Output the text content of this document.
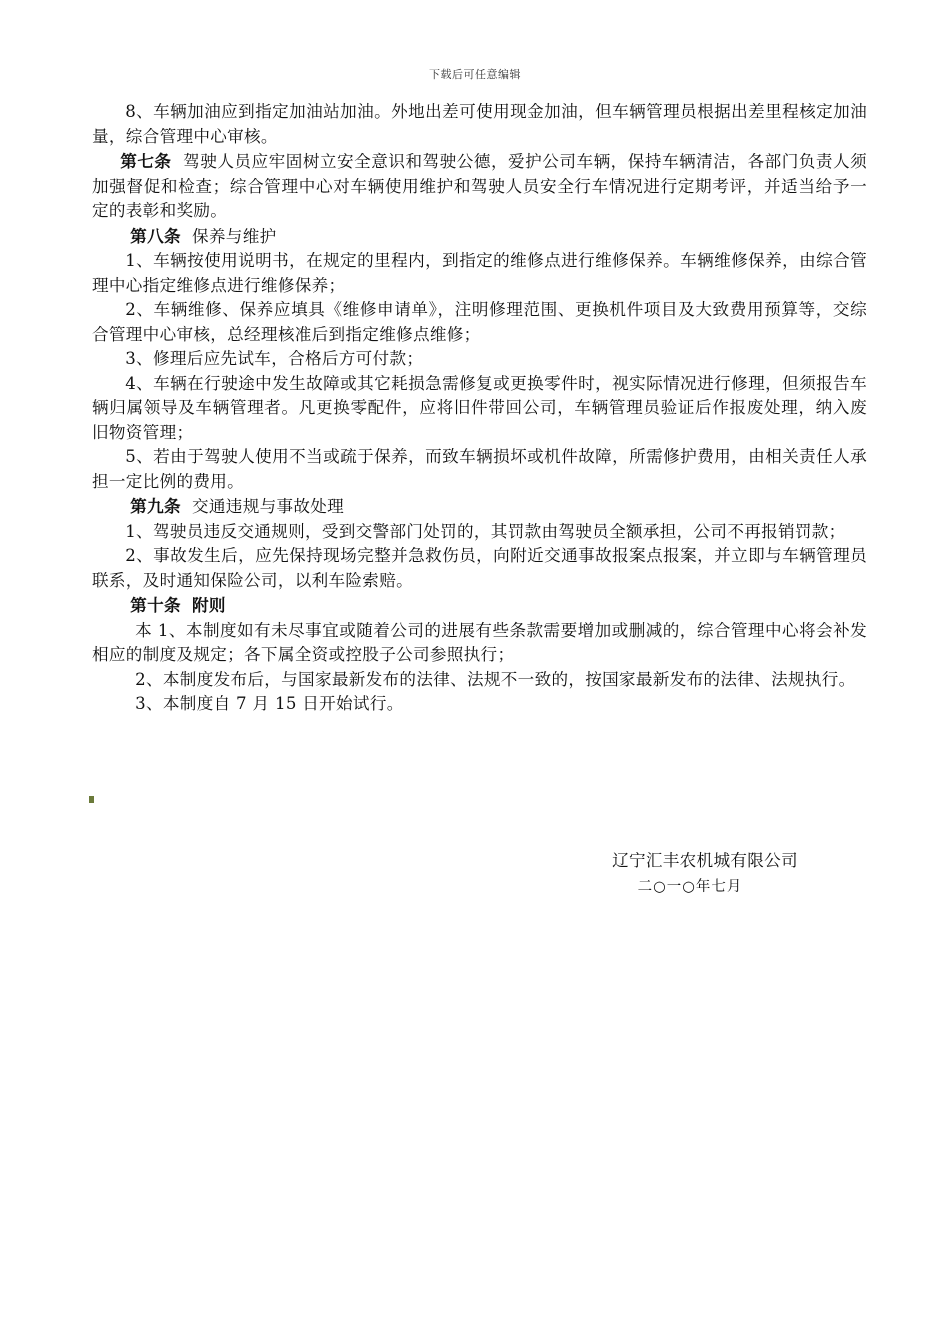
下载后可任意编辑

8、车辆加油应到指定加油站加油。外地出差可使用现金加油，但车辆管理员根据出差里程核定加油量，综合管理中心审核。

第七条 驾驶人员应牢固树立安全意识和驾驶公德，爱护公司车辆，保持车辆清洁，各部门负责人须加强督促和检查；综合管理中心对车辆使用维护和驾驶人员安全行车情况进行定期考评，并适当给予一定的表彰和奖励。

第八条 保养与维护

1、车辆按使用说明书，在规定的里程内，到指定的维修点进行维修保养。车辆维修保养，由综合管理中心指定维修点进行维修保养；

2、车辆维修、保养应填具《维修申请单》，注明修理范围、更换机件项目及大致费用预算等，交综合管理中心审核，总经理核准后到指定维修点维修；

3、修理后应先试车，合格后方可付款；

4、车辆在行驶途中发生故障或其它耗损急需修复或更换零件时，视实际情况进行修理，但须报告车辆归属领导及车辆管理者。凡更换零配件，应将旧件带回公司，车辆管理员验证后作报废处理，纳入废旧物资管理；

5、若由于驾驶人使用不当或疏于保养，而致车辆损坏或机件故障，所需修护费用，由相关责任人承担一定比例的费用。

第九条 交通违规与事故处理

1、驾驶员违反交通规则，受到交警部门处罚的，其罚款由驾驶员全额承担，公司不再报销罚款；

2、事故发生后，应先保持现场完整并急救伤员，向附近交通事故报案点报案，并立即与车辆管理员联系，及时通知保险公司，以利车险索赔。

第十条 附则

本 1、本制度如有未尽事宜或随着公司的进展有些条款需要增加或删减的，综合管理中心将会补发相应的制度及规定；各下属全资或控股子公司参照执行；

2、本制度发布后，与国家最新发布的法律、法规不一致的，按国家最新发布的法律、法规执行。

3、本制度自 7 月 15 日开始试行。

辽宁汇丰农机城有限公司
二○一○年七月
